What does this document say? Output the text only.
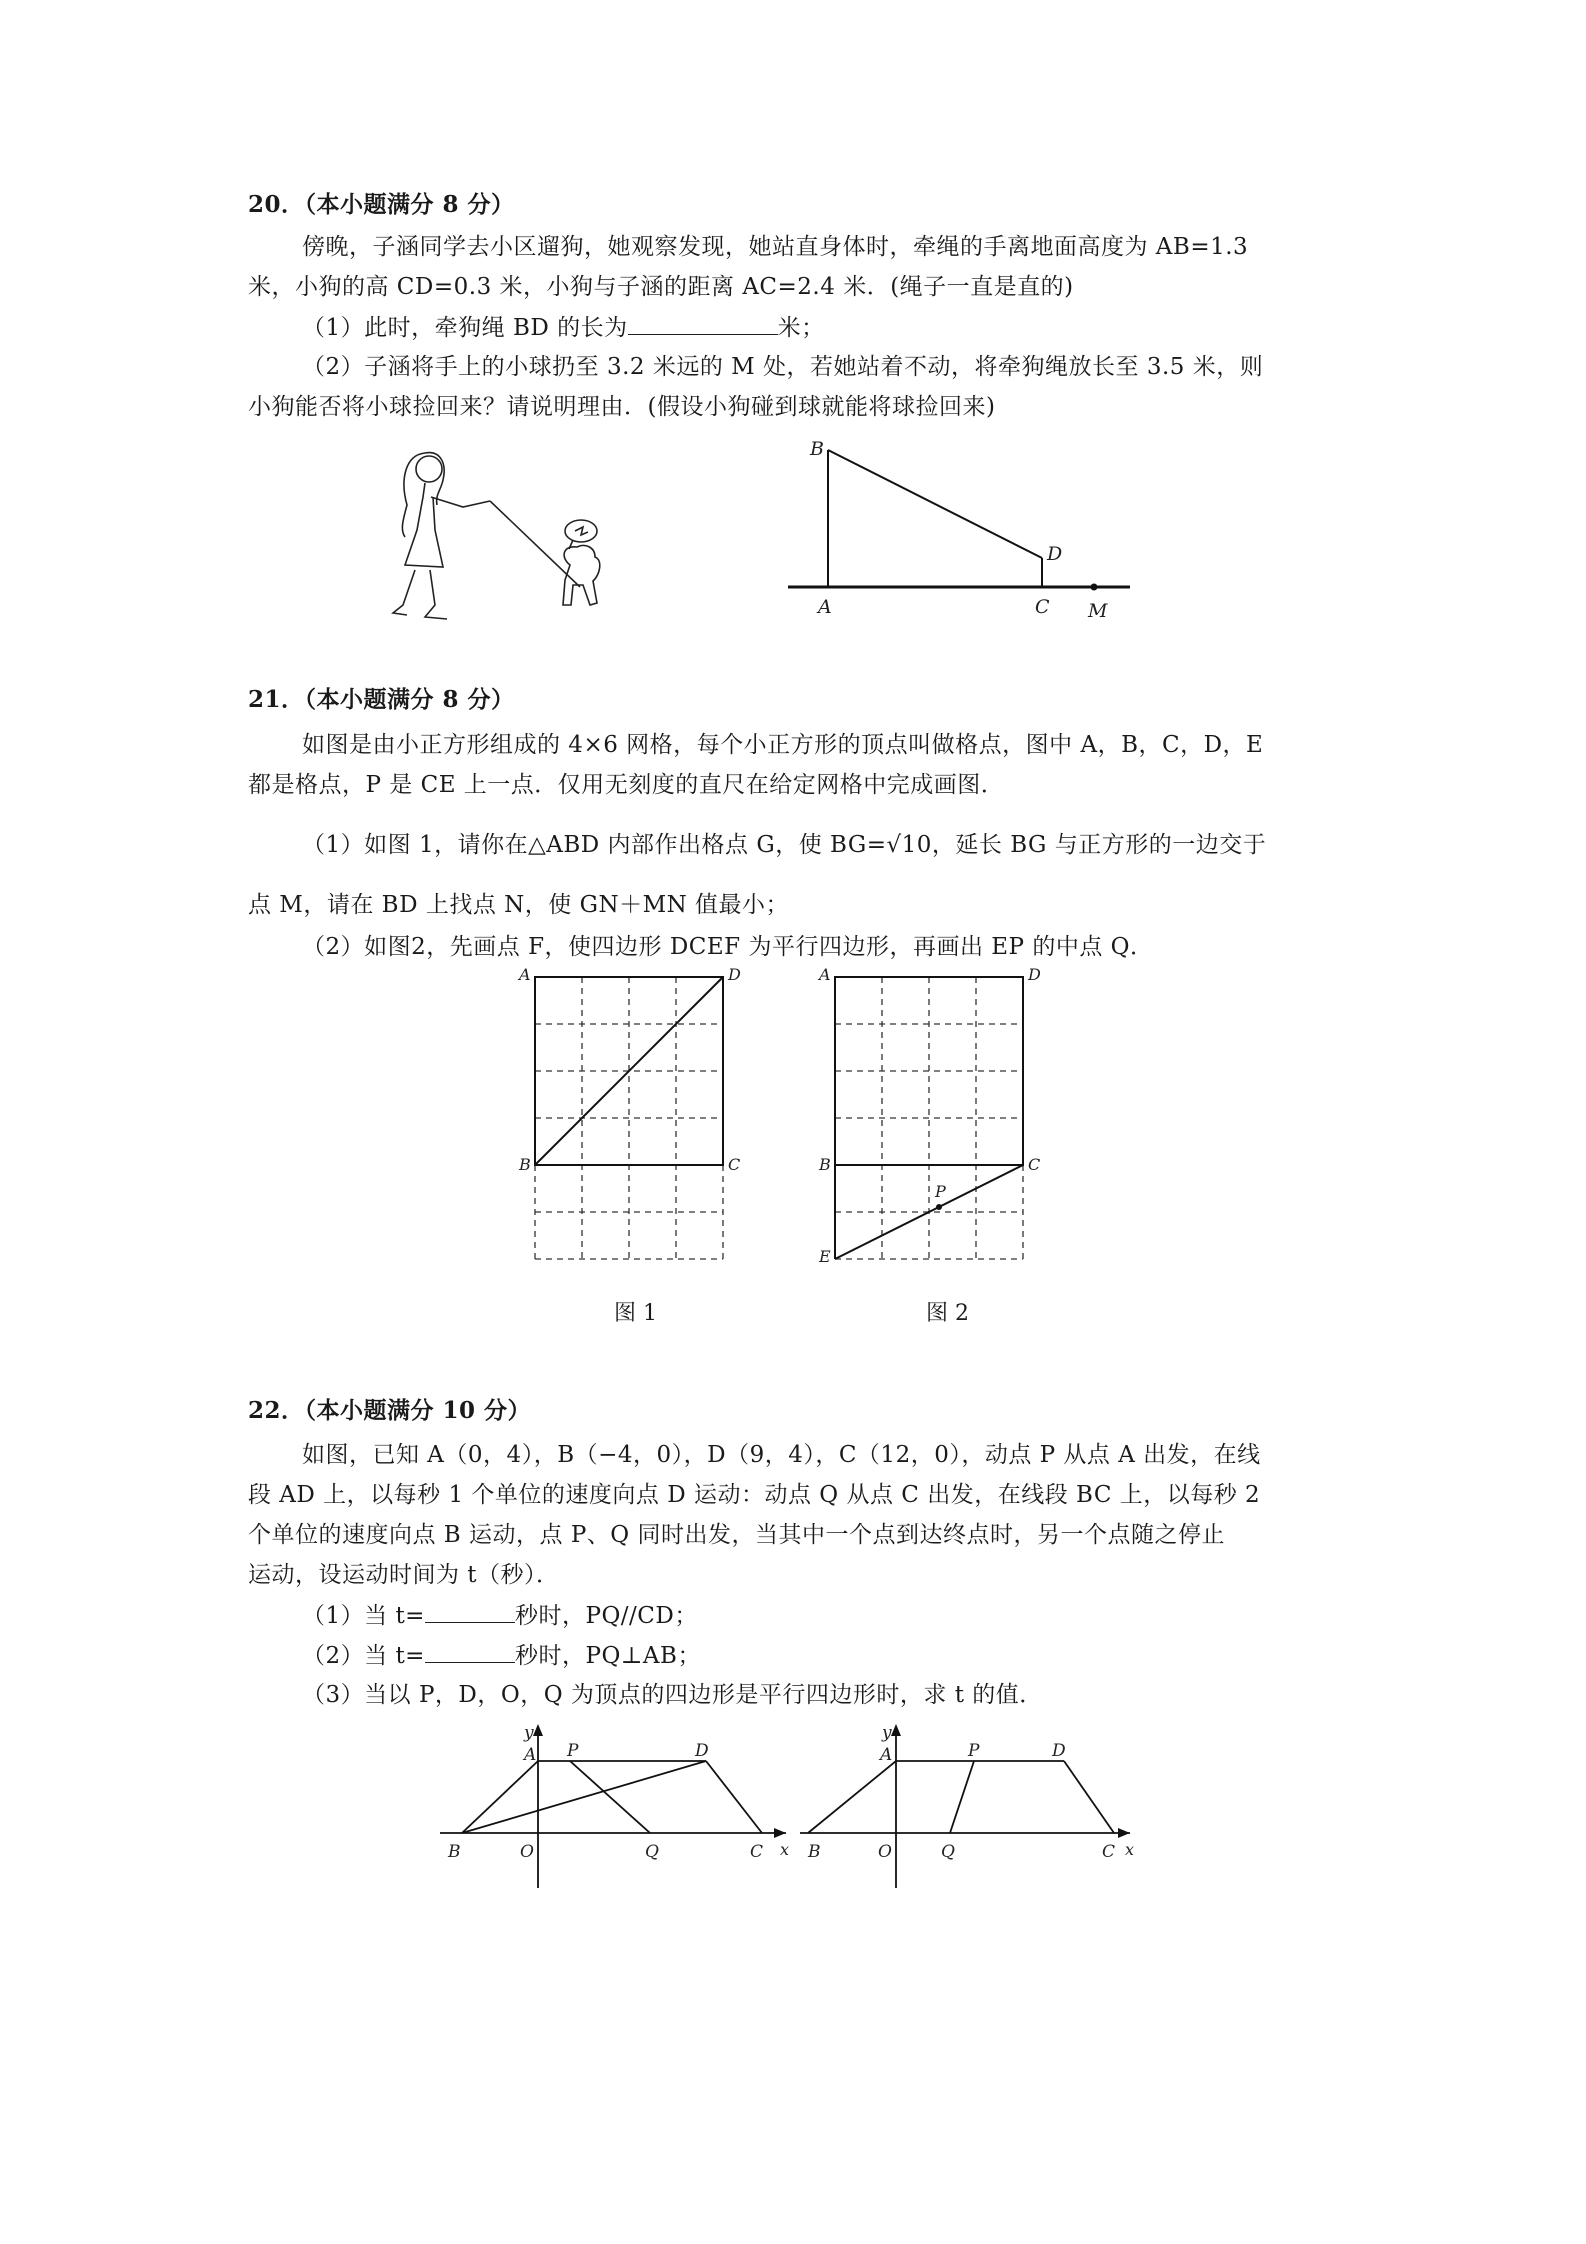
20．（本小题满分 8 分）
傍晚，子涵同学去小区遛狗，她观察发现，她站直身体时，牵绳的手离地面高度为 AB=1.3
米，小狗的高 CD=0.3 米，小狗与子涵的距离 AC=2.4 米．(绳子一直是直的)
（1）此时，牵狗绳 BD 的长为	米；
（2）子涵将手上的小球扔至 3.2 米远的 M 处，若她站着不动，将牵狗绳放长至 3.5 米，则
小狗能否将小球捡回来？请说明理由．(假设小狗碰到球就能将球捡回来)
B
D
A	C M
21．（本小题满分 8 分）
如图是由小正方形组成的 4×6 网格，每个小正方形的顶点叫做格点，图中 A，B，C，D，E
都是格点，P 是 CE 上一点．仅用无刻度的直尺在给定网格中完成画图．
（1）如图 1，请你在△ABD 内部作出格点 G，使 BG=√10，延长 BG 与正方形的一边交于
点 M，请在 BD 上找点 N，使 GN＋MN 值最小；
（2）如图2，先画点 F，使四边形 DCEF 为平行四边形，再画出 EP 的中点 Q．
A	D
B	C
图 1
A	D
B	C
P
E
图 2
22．（本小题满分 10 分）
如图，已知 A（0，4），B（−4，0），D（9，4），C（12，0），动点 P 从点 A 出发，在线
段 AD 上，以每秒 1 个单位的速度向点 D 运动：动点 Q 从点 C 出发，在线段 BC 上，以每秒 2
个单位的速度向点 B 运动，点 P、Q 同时出发，当其中一个点到达终点时，另一个点随之停止
运动，设运动时间为 t（秒）．
（1）当 t=	秒时，PQ//CD；
（2）当 t=	秒时，PQ⊥AB；
（3）当以 P，D，O，Q 为顶点的四边形是平行四边形时，求 t 的值．
y
A P	D
B	O	Q	C x
y
A	P	D
B	O	Q	C x
